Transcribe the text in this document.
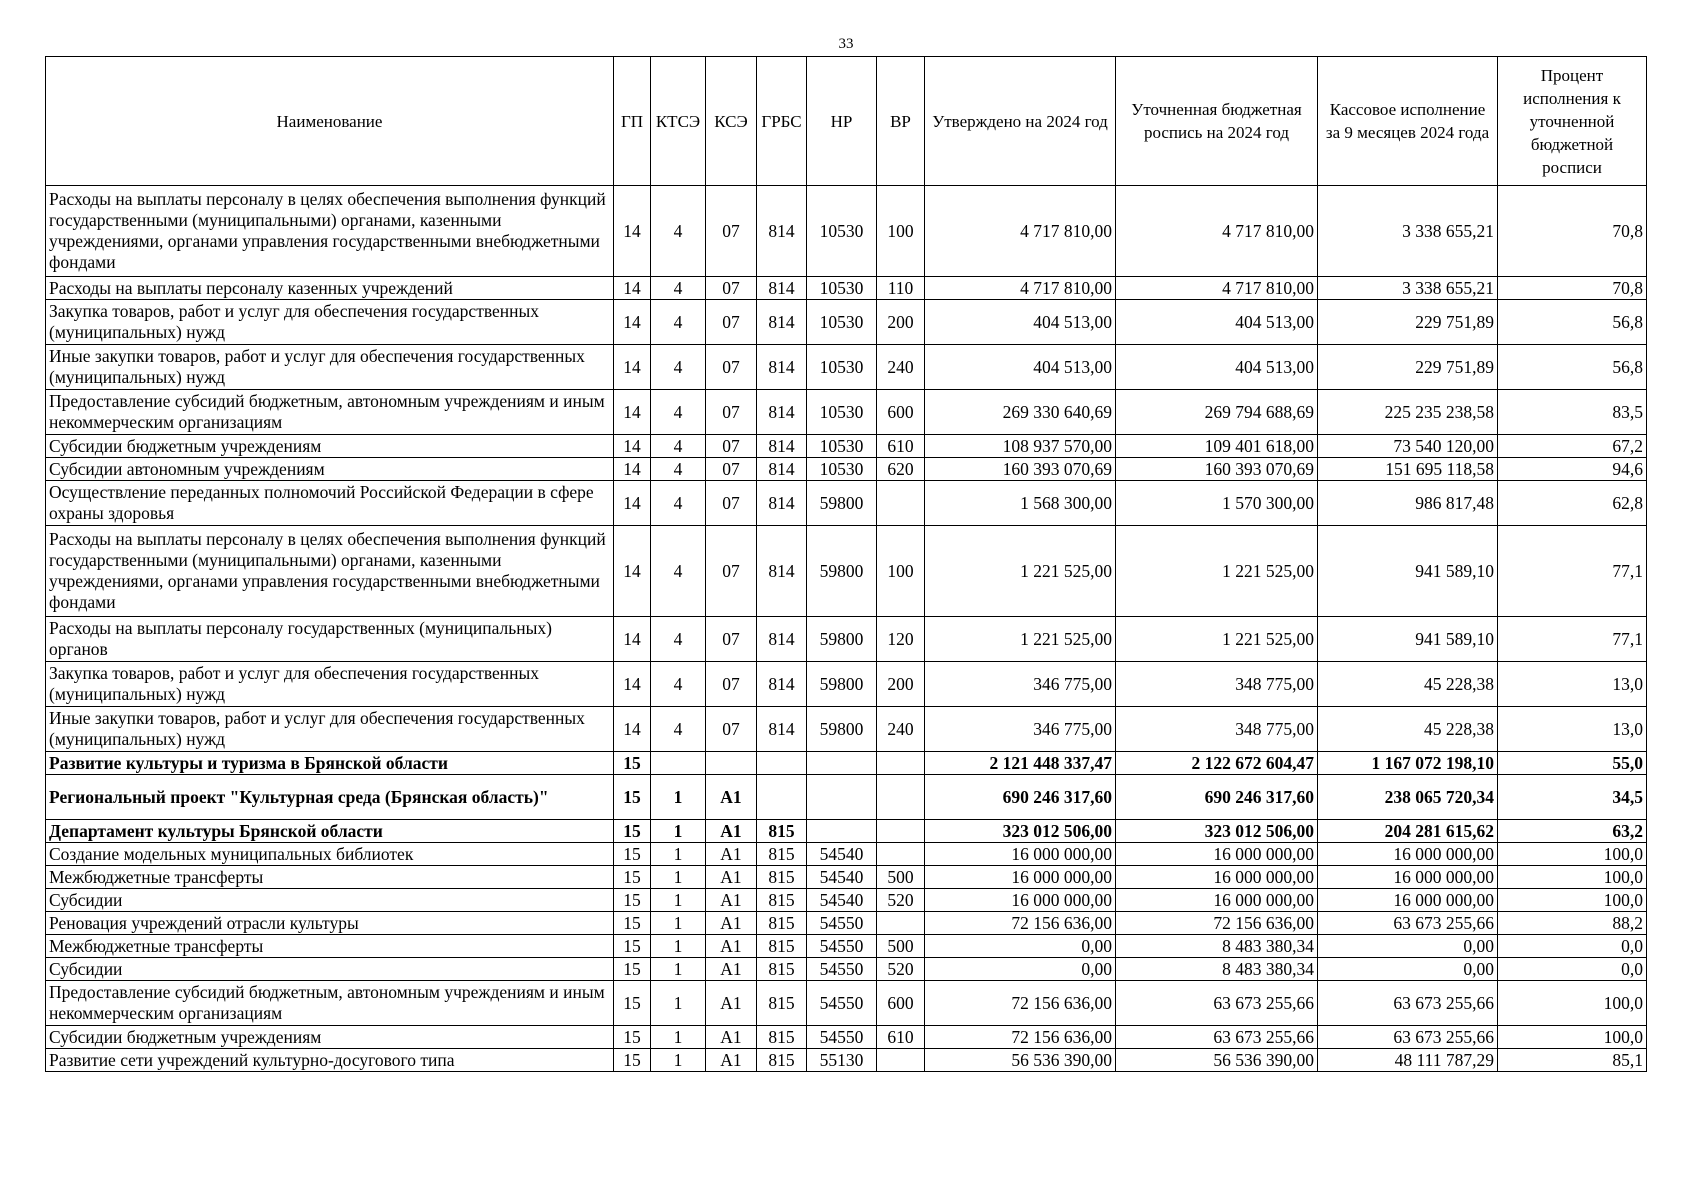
33
Наименование	ГП	КТСЭ	КСЭ	ГРБС	НР	ВР	Утверждено на 2024 год	Уточненная бюджетная роспись на 2024 год	Кассовое исполнение за 9 месяцев 2024 года	Процент исполнения к уточненной бюджетной росписи
Расходы на выплаты персоналу в целях обеспечения выполнения функций государственными (муниципальными) органами, казенными учреждениями, органами управления государственными внебюджетными фондами	14	4	07	814	10530	100	4 717 810,00	4 717 810,00	3 338 655,21	70,8
Расходы на выплаты персоналу казенных учреждений	14	4	07	814	10530	110	4 717 810,00	4 717 810,00	3 338 655,21	70,8
Закупка товаров, работ и услуг для обеспечения государственных (муниципальных) нужд	14	4	07	814	10530	200	404 513,00	404 513,00	229 751,89	56,8
Иные закупки товаров, работ и услуг для обеспечения государственных (муниципальных) нужд	14	4	07	814	10530	240	404 513,00	404 513,00	229 751,89	56,8
Предоставление субсидий бюджетным, автономным учреждениям и иным некоммерческим организациям	14	4	07	814	10530	600	269 330 640,69	269 794 688,69	225 235 238,58	83,5
Субсидии бюджетным учреждениям	14	4	07	814	10530	610	108 937 570,00	109 401 618,00	73 540 120,00	67,2
Субсидии автономным учреждениям	14	4	07	814	10530	620	160 393 070,69	160 393 070,69	151 695 118,58	94,6
Осуществление переданных полномочий Российской Федерации в сфере охраны здоровья	14	4	07	814	59800		1 568 300,00	1 570 300,00	986 817,48	62,8
Расходы на выплаты персоналу в целях обеспечения выполнения функций государственными (муниципальными) органами, казенными учреждениями, органами управления государственными внебюджетными фондами	14	4	07	814	59800	100	1 221 525,00	1 221 525,00	941 589,10	77,1
Расходы на выплаты персоналу государственных (муниципальных) органов	14	4	07	814	59800	120	1 221 525,00	1 221 525,00	941 589,10	77,1
Закупка товаров, работ и услуг для обеспечения государственных (муниципальных) нужд	14	4	07	814	59800	200	346 775,00	348 775,00	45 228,38	13,0
Иные закупки товаров, работ и услуг для обеспечения государственных (муниципальных) нужд	14	4	07	814	59800	240	346 775,00	348 775,00	45 228,38	13,0
Развитие культуры и туризма в Брянской области	15						2 121 448 337,47	2 122 672 604,47	1 167 072 198,10	55,0
Региональный проект "Культурная среда (Брянская область)"	15	1	А1				690 246 317,60	690 246 317,60	238 065 720,34	34,5
Департамент культуры Брянской области	15	1	А1	815			323 012 506,00	323 012 506,00	204 281 615,62	63,2
Создание модельных муниципальных библиотек	15	1	А1	815	54540		16 000 000,00	16 000 000,00	16 000 000,00	100,0
Межбюджетные трансферты	15	1	А1	815	54540	500	16 000 000,00	16 000 000,00	16 000 000,00	100,0
Субсидии	15	1	А1	815	54540	520	16 000 000,00	16 000 000,00	16 000 000,00	100,0
Реновация учреждений отрасли культуры	15	1	А1	815	54550		72 156 636,00	72 156 636,00	63 673 255,66	88,2
Межбюджетные трансферты	15	1	А1	815	54550	500	0,00	8 483 380,34	0,00	0,0
Субсидии	15	1	А1	815	54550	520	0,00	8 483 380,34	0,00	0,0
Предоставление субсидий бюджетным, автономным учреждениям и иным некоммерческим организациям	15	1	А1	815	54550	600	72 156 636,00	63 673 255,66	63 673 255,66	100,0
Субсидии бюджетным учреждениям	15	1	А1	815	54550	610	72 156 636,00	63 673 255,66	63 673 255,66	100,0
Развитие сети учреждений культурно-досугового типа	15	1	А1	815	55130		56 536 390,00	56 536 390,00	48 111 787,29	85,1
